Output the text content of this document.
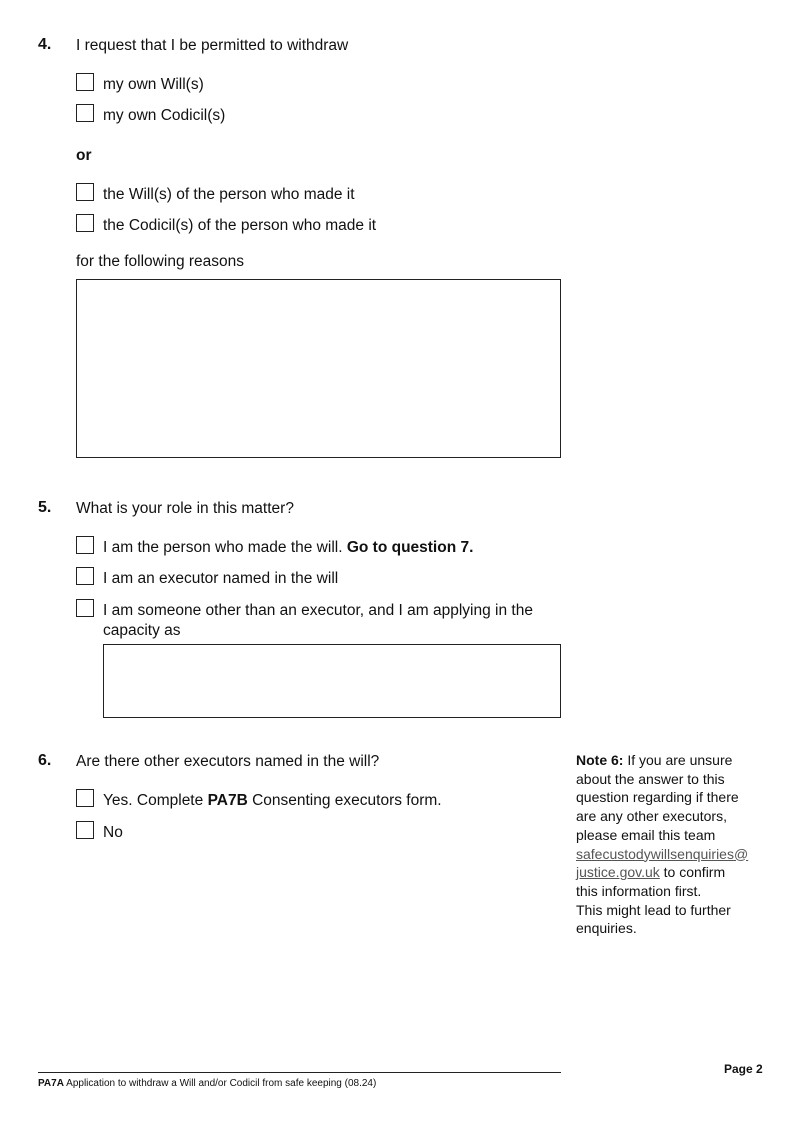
4. I request that I be permitted to withdraw
my own Will(s)
my own Codicil(s)
or
the Will(s) of the person who made it
the Codicil(s) of the person who made it
for the following reasons
5. What is your role in this matter?
I am the person who made the will. Go to question 7.
I am an executor named in the will
I am someone other than an executor, and I am applying in the
capacity as
6. Are there other executors named in the will?
Yes. Complete PA7B Consenting executors form.
No
Note 6: If you are unsure
about the answer to this
question regarding if there
are any other executors,
please email this team
safecustodywillsenquiries@
justice.gov.uk to confirm
this information first.
This might lead to further
enquiries.
Page 2
PA7A Application to withdraw a Will and/or Codicil from safe keeping (08.24)
